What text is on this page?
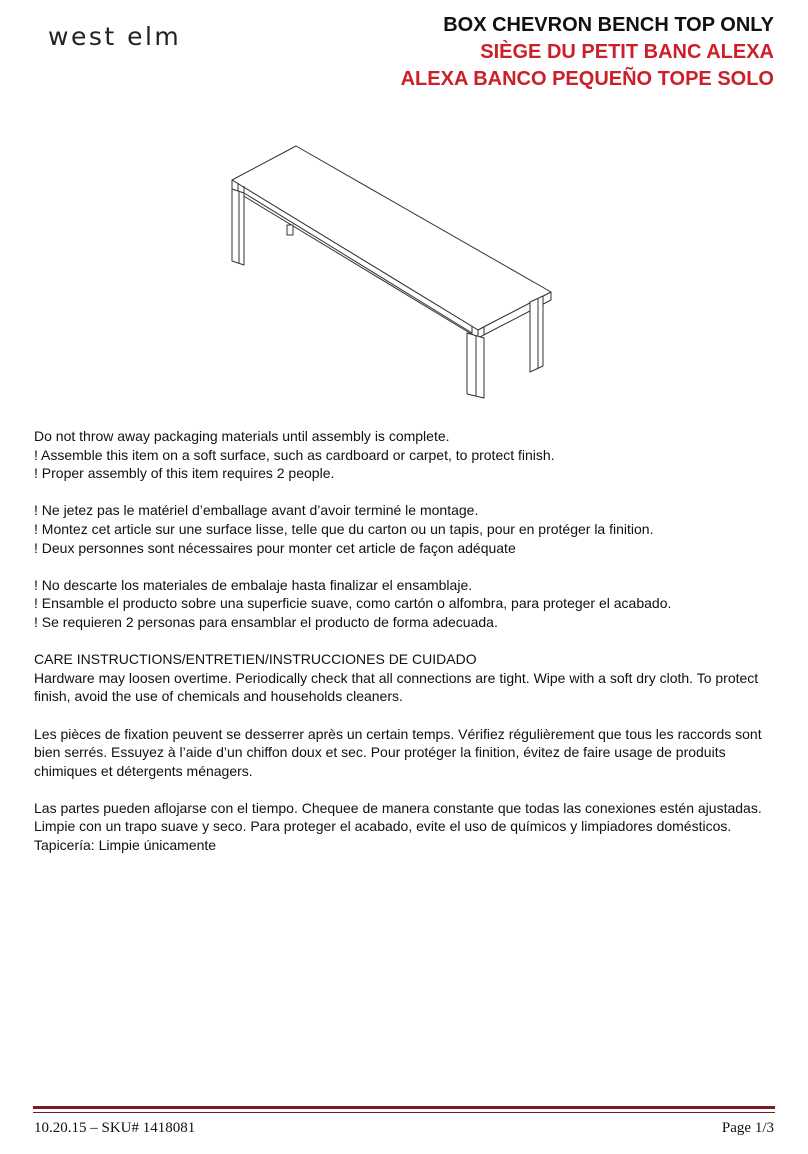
west elm	BOX CHEVRON BENCH TOP ONLY
SIÈGE DU PETIT BANC ALEXA
ALEXA BANCO PEQUEÑO TOPE SOLO

Do not throw away packaging materials until assembly is complete.

! Assemble this item on a soft surface, such as cardboard or carpet, to protect finish.

! Proper assembly of this item requires 2 people.

! Ne jetez pas le matériel d’emballage avant d’avoir terminé le montage.

! Montez cet article sur une surface lisse, telle que du carton ou un tapis, pour en protéger la finition.

! Deux personnes sont nécessaires pour monter cet article de façon adéquate

! No descarte los materiales de embalaje hasta finalizar el ensamblaje.

! Ensamble el producto sobre una superficie suave, como cartón o alfombra, para proteger el acabado.

! Se requieren 2 personas para ensamblar el producto de forma adecuada.

CARE INSTRUCTIONS/ENTRETIEN/INSTRUCCIONES DE CUIDADO

Hardware may loosen overtime. Periodically check that all connections are tight. Wipe with a soft dry cloth. To protect finish, avoid the use of chemicals and households cleaners.

Les pièces de fixation peuvent se desserrer après un certain temps. Vérifiez régulièrement que tous les raccords sont bien serrés. Essuyez à l’aide d’un chiffon doux et sec. Pour protéger la finition, évitez de faire usage de produits chimiques et détergents ménagers.

Las partes pueden aflojarse con el tiempo. Chequee de manera constante que todas las conexiones estén ajustadas. Limpie con un trapo suave y seco. Para proteger el acabado, evite el uso de químicos y limpiadores domésticos.

Tapicería: Limpie únicamente

10.20.15 – SKU# 1418081	Page 1/3
